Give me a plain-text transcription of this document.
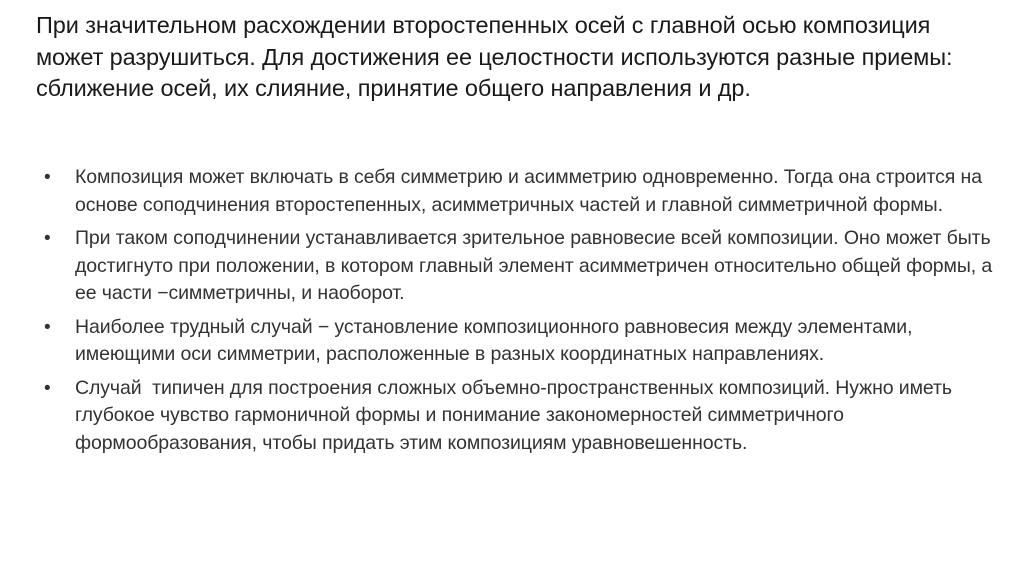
При значительном расхождении второстепенных осей с главной осью композиция может разрушиться. Для достижения ее целостности используются разные приемы: сближение осей, их слияние, принятие общего направления и др.

•	Композиция может включать в себя симметрию и асимметрию одновременно. Тогда она строится на основе соподчинения второстепенных, асимметричных частей и главной симметричной формы.
•	При таком соподчинении устанавливается зрительное равновесие всей композиции. Оно может быть достигнуто при положении, в котором главный элемент асимметричен относительно общей формы, а ее части −симметричны, и наоборот.
•	Наиболее трудный случай − установление композиционного равновесия между элементами, имеющими оси симметрии, расположенные в разных координатных направлениях.
•	Случай  типичен для построения сложных объемно-пространственных композиций. Нужно иметь глубокое чувство гармоничной формы и понимание закономерностей симметричного формообразования, чтобы придать этим композициям уравновешенность.
